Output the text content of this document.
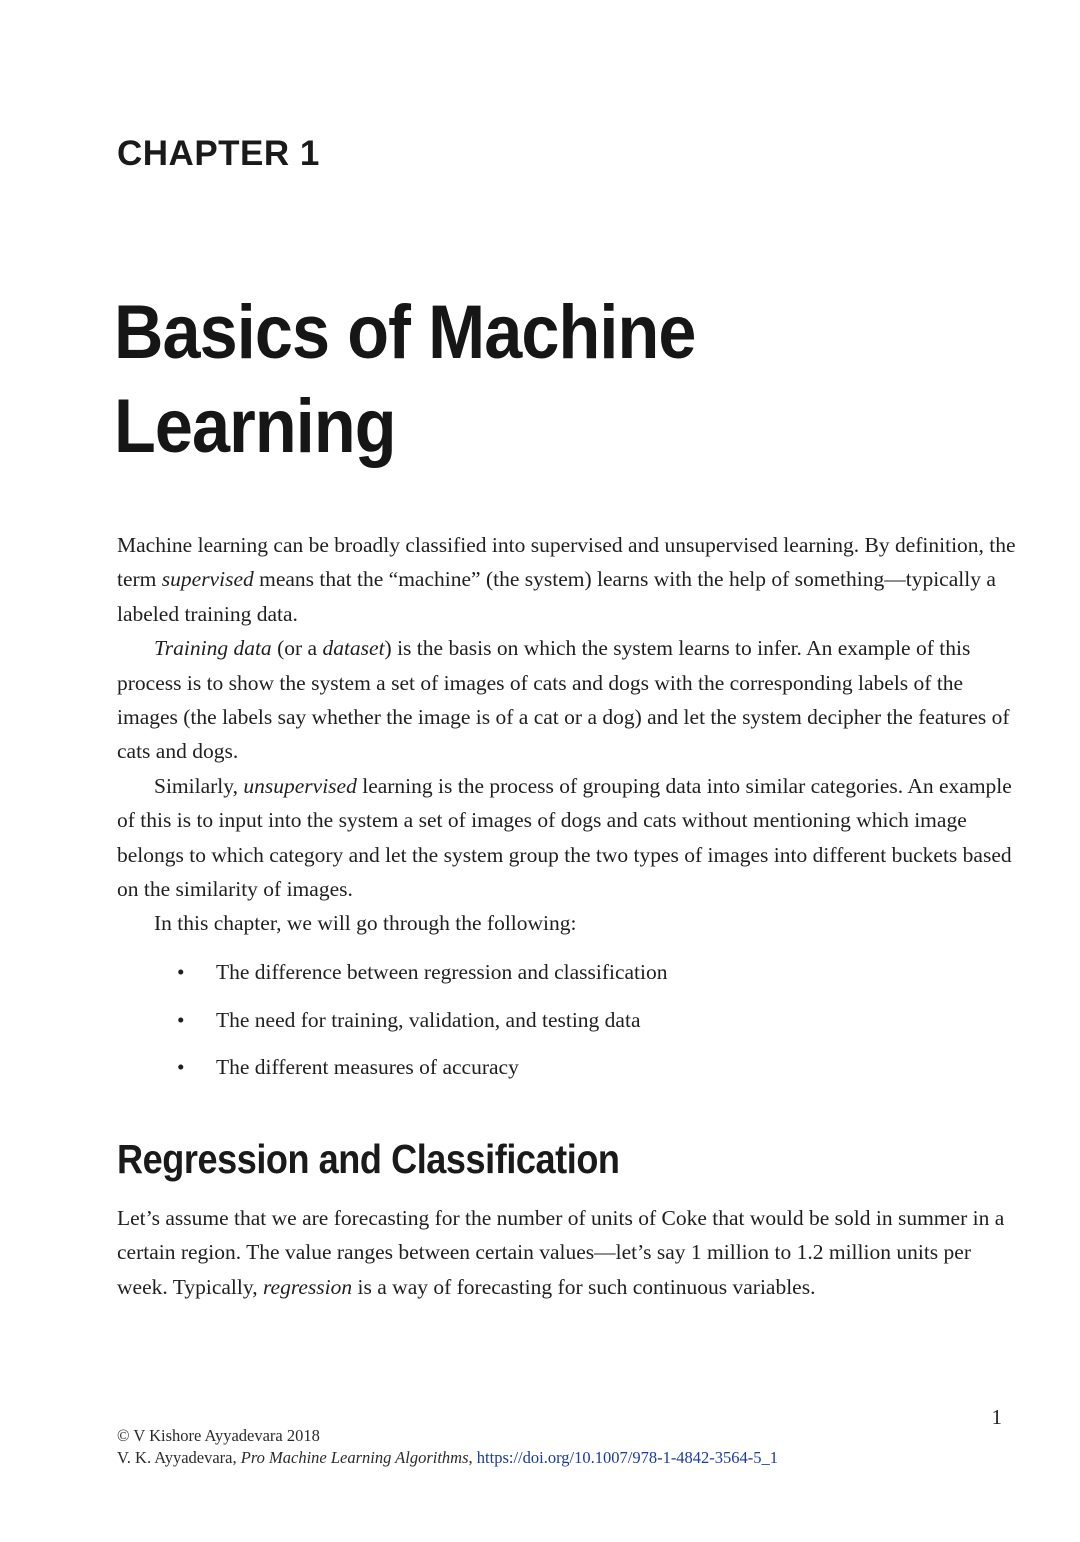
CHAPTER 1
Basics of Machine
Learning

Machine learning can be broadly classified into supervised and unsupervised learning. By definition, the term supervised means that the “machine” (the system) learns with the help of something—typically a labeled training data.

Training data (or a dataset) is the basis on which the system learns to infer. An example of this process is to show the system a set of images of cats and dogs with the corresponding labels of the images (the labels say whether the image is of a cat or a dog) and let the system decipher the features of cats and dogs.

Similarly, unsupervised learning is the process of grouping data into similar categories. An example of this is to input into the system a set of images of dogs and cats without mentioning which image belongs to which category and let the system group the two types of images into different buckets based on the similarity of images.

In this chapter, we will go through the following:

• The difference between regression and classification
• The need for training, validation, and testing data
• The different measures of accuracy
Regression and Classification

Let’s assume that we are forecasting for the number of units of Coke that would be sold in summer in a certain region. The value ranges between certain values—let’s say 1 million to 1.2 million units per week. Typically, regression is a way of forecasting for such continuous variables.

1
© V Kishore Ayyadevara 2018
V. K. Ayyadevara, Pro Machine Learning Algorithms, https://doi.org/10.1007/978-1-4842-3564-5_1
